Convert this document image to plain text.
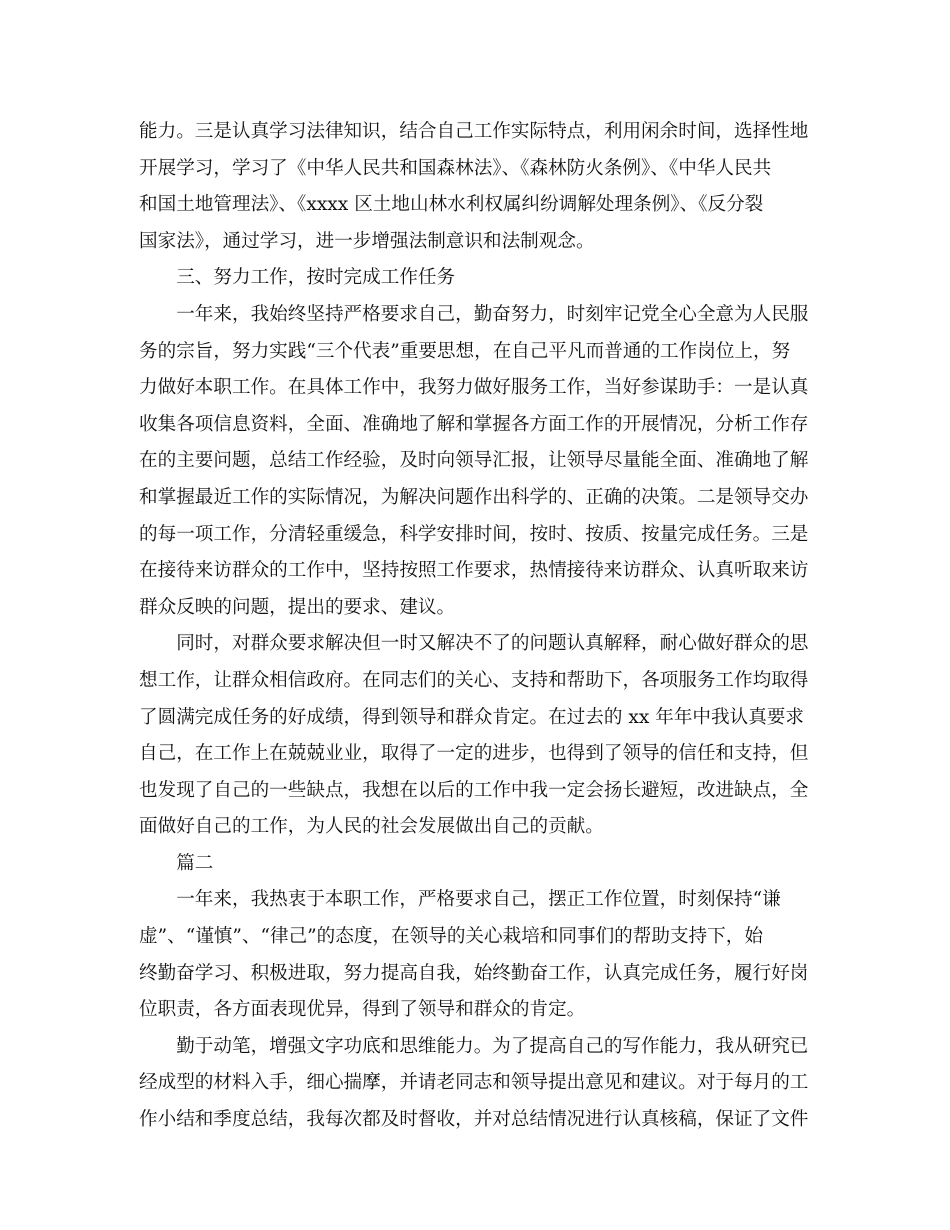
能力。三是认真学习法律知识，结合自己工作实际特点，利用闲余时间，选择性地
开展学习，学习了《中华人民共和国森林法》、《森林防火条例》、《中华人民共
和国土地管理法》、《xxxx 区土地山林水利权属纠纷调解处理条例》、《反分裂
国家法》，通过学习，进一步增强法制意识和法制观念。
　　三、努力工作，按时完成工作任务
　　一年来，我始终坚持严格要求自己，勤奋努力，时刻牢记党全心全意为人民服
务的宗旨，努力实践“三个代表”重要思想，在自己平凡而普通的工作岗位上，努
力做好本职工作。在具体工作中，我努力做好服务工作，当好参谋助手：一是认真
收集各项信息资料，全面、准确地了解和掌握各方面工作的开展情况，分析工作存
在的主要问题，总结工作经验，及时向领导汇报，让领导尽量能全面、准确地了解
和掌握最近工作的实际情况，为解决问题作出科学的、正确的决策。二是领导交办
的每一项工作，分清轻重缓急，科学安排时间，按时、按质、按量完成任务。三是
在接待来访群众的工作中，坚持按照工作要求，热情接待来访群众、认真听取来访
群众反映的问题，提出的要求、建议。
　　同时，对群众要求解决但一时又解决不了的问题认真解释，耐心做好群众的思
想工作，让群众相信政府。在同志们的关心、支持和帮助下，各项服务工作均取得
了圆满完成任务的好成绩，得到领导和群众肯定。在过去的 xx 年年中我认真要求
自己，在工作上在兢兢业业，取得了一定的进步，也得到了领导的信任和支持，但
也发现了自己的一些缺点，我想在以后的工作中我一定会扬长避短，改进缺点，全
面做好自己的工作，为人民的社会发展做出自己的贡献。
　　篇二
　　一年来，我热衷于本职工作，严格要求自己，摆正工作位置，时刻保持“谦
虚”、“谨慎”、“律己”的态度，在领导的关心栽培和同事们的帮助支持下，始
终勤奋学习、积极进取，努力提高自我，始终勤奋工作，认真完成任务，履行好岗
位职责，各方面表现优异，得到了领导和群众的肯定。
　　勤于动笔，增强文字功底和思维能力。为了提高自己的写作能力，我从研究已
经成型的材料入手，细心揣摩，并请老同志和领导提出意见和建议。对于每月的工
作小结和季度总结，我每次都及时督收，并对总结情况进行认真核稿，保证了文件
